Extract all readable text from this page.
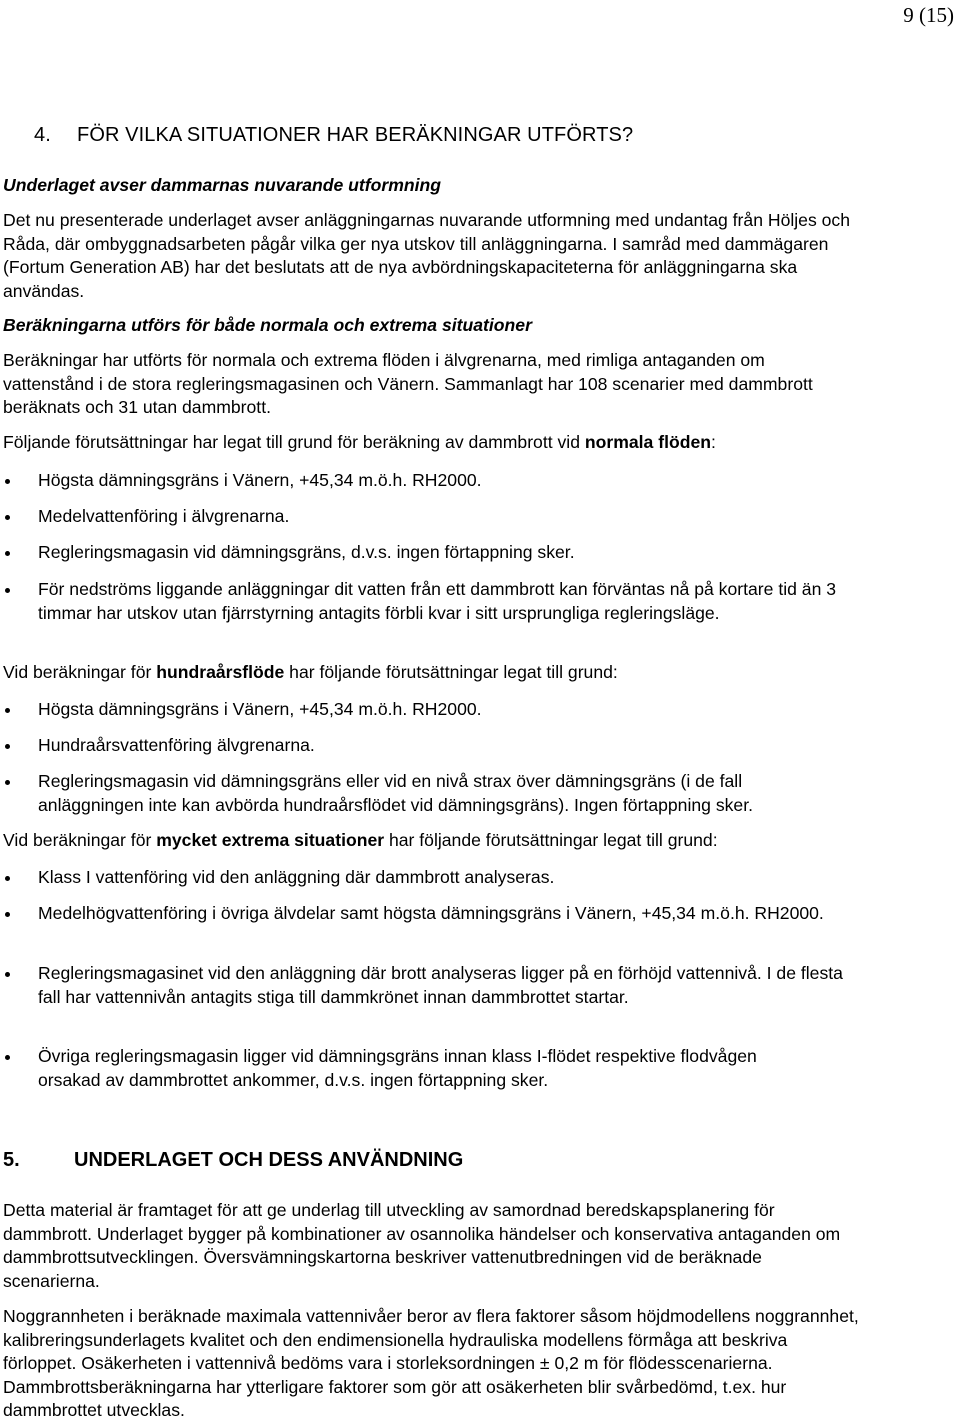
9 (15)
4. FÖR VILKA SITUATIONER HAR BERÄKNINGAR UTFÖRTS?

Underlaget avser dammarnas nuvarande utformning

Det nu presenterade underlaget avser anläggningarnas nuvarande utformning med undantag från Höljes och Råda, där ombyggnadsarbeten pågår vilka ger nya utskov till anläggningarna. I samråd med dammägaren (Fortum Generation AB) har det beslutats att de nya avbördningskapaciteterna för anläggningarna ska användas.

Beräkningarna utförs för både normala och extrema situationer

Beräkningar har utförts för normala och extrema flöden i älvgrenarna, med rimliga antaganden om vattenstånd i de stora regleringsmagasinen och Vänern. Sammanlagt har 108 scenarier med dammbrott beräknats och 31 utan dammbrott.

Följande förutsättningar har legat till grund för beräkning av dammbrott vid normala flöden:

Högsta dämningsgräns i Vänern, +45,34 m.ö.h. RH2000.
Medelvattenföring i älvgrenarna.
Regleringsmagasin vid dämningsgräns, d.v.s. ingen förtappning sker.
För nedströms liggande anläggningar dit vatten från ett dammbrott kan förväntas nå på kortare tid än 3 timmar har utskov utan fjärrstyrning antagits förbli kvar i sitt ursprungliga regleringsläge.

Vid beräkningar för hundraårsflöde har följande förutsättningar legat till grund:

Högsta dämningsgräns i Vänern, +45,34 m.ö.h. RH2000.
Hundraårsvattenföring älvgrenarna.
Regleringsmagasin vid dämningsgräns eller vid en nivå strax över dämningsgräns (i de fall anläggningen inte kan avbörda hundraårsflödet vid dämningsgräns). Ingen förtappning sker.

Vid beräkningar för mycket extrema situationer har följande förutsättningar legat till grund:

Klass I vattenföring vid den anläggning där dammbrott analyseras.
Medelhögvattenföring i övriga älvdelar samt högsta dämningsgräns i Vänern, +45,34 m.ö.h. RH2000.
Regleringsmagasinet vid den anläggning där brott analyseras ligger på en förhöjd vattennivå. I de flesta fall har vattennivån antagits stiga till dammkrönet innan dammbrottet startar.
Övriga regleringsmagasin ligger vid dämningsgräns innan klass I-flödet respektive flodvågen orsakad av dammbrottet ankommer, d.v.s. ingen förtappning sker.
5.	UNDERLAGET OCH DESS ANVÄNDNING

Detta material är framtaget för att ge underlag till utveckling av samordnad beredskapsplanering för dammbrott. Underlaget bygger på kombinationer av osannolika händelser och konservativa antaganden om dammbrottsutvecklingen. Översvämningskartorna beskriver vattenutbredningen vid de beräknade scenarierna.

Noggrannheten i beräknade maximala vattennivåer beror av flera faktorer såsom höjdmodellens noggrannhet, kalibreringsunderlagets kvalitet och den endimensionella hydrauliska modellens förmåga att beskriva förloppet. Osäkerheten i vattennivå bedöms vara i storleksordningen ± 0,2 m för flödesscenarierna. Dammbrottsberäkningarna har ytterligare faktorer som gör att osäkerheten blir svårbedömd, t.ex. hur dammbrottet utvecklas.
